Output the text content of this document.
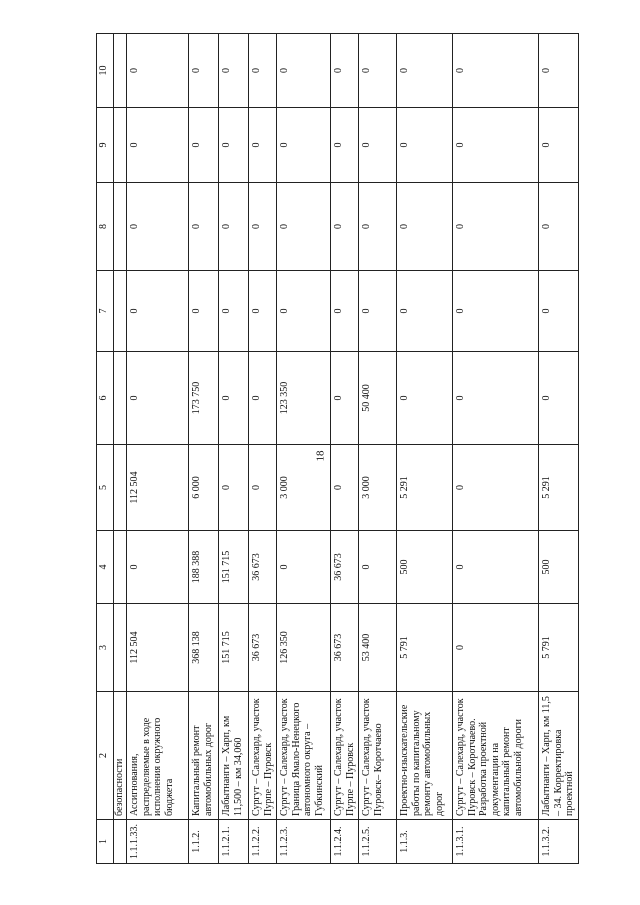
18
1	2	3	4	5	6	7	8	9	10
	безопасности								
1.1.1.33.	Ассигнования, распределяемые в ходе исполнения окружного бюджета	112 504	0	112 504	0	0	0	0	0
1.1.2.	Капитальный ремонт автомобильных дорог	368 138	188 388	6 000	173 750	0	0	0	0
1.1.2.1.	Лабытнанги – Харп, км 11,500 – км 34,060	151 715	151 715	0	0	0	0	0	0
1.1.2.2.	Сургут – Салехард, участок Пурпе – Пуровск	36 673	36 673	0	0	0	0	0	0
1.1.2.3.	Сургут – Салехард, участок Граница Ямало-Ненецкого автономного округа – Губкинский	126 350	0	3 000	123 350	0	0	0	0
1.1.2.4.	Сургут – Салехард, участок Пурпе – Пуровск	36 673	36 673	0	0	0	0	0	0
1.1.2.5.	Сургут – Салехард, участок Пуровск– Коротчаево	53 400	0	3 000	50 400	0	0	0	0
1.1.3.	Проектно-изыскательские работы по капитальному ремонту автомобильных дорог	5 791	500	5 291	0	0	0	0	0
1.1.3.1.	Сургут – Салехард, участок Пуровск – Коротчаево. Разработка проектной документации на капитальный ремонт автомобильной дороги	0	0	0	0	0	0	0	0
1.1.3.2.	Лабытнанги – Харп, км 11,5 – 34. Корректировка проектной	5 791	500	5 291	0	0	0	0	0
